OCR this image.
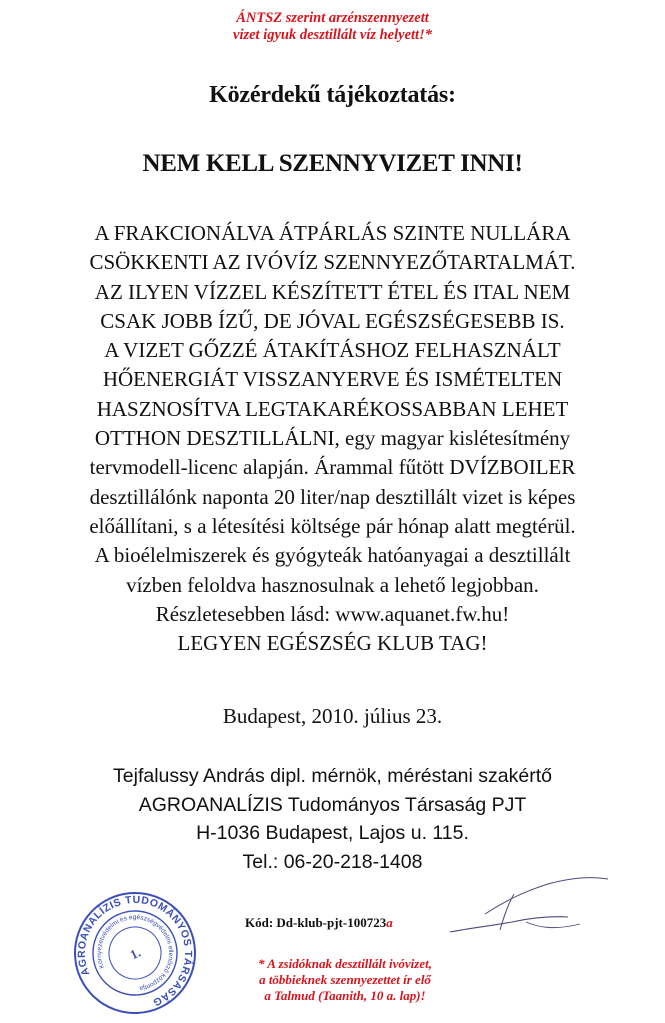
ÁNTSZ szerint arzénszennyezett
vizet igyuk desztillált víz helyett!*
Közérdekű tájékoztatás:
NEM KELL SZENNYVIZET INNI!
A FRAKCIONÁLVA ÁTPÁRLÁS SZINTE NULLÁRA
CSÖKKENTI AZ IVÓVÍZ SZENNYEZŐTARTALMÁT.
AZ ILYEN VÍZZEL KÉSZÍTETT ÉTEL ÉS ITAL NEM
CSAK JOBB ÍZŰ, DE JÓVAL EGÉSZSÉGESEBB IS.
A VIZET GŐZZÉ ÁTAKÍTÁSHOZ FELHASZNÁLT
HŐENERGIÁT VISSZANYERVE ÉS ISMÉTELTEN
HASZNOSÍTVA LEGTAKARÉKOSSABBAN LEHET
OTTHON DESZTILLÁLNI, egy magyar kislétesítmény
tervmodell-licenc alapján. Árammal fűtött DVÍZBOILER
desztillálónk naponta 20 liter/nap desztillált vizet is képes
előállítani, s a létesítési költsége pár hónap alatt megtérül.
A bioélelmiszerek és gyógyteák hatóanyagai a desztillált
vízben feloldva hasznosulnak a lehető legjobban.
Részletesebben lásd: www.aquanet.fw.hu!
LEGYEN EGÉSZSÉG KLUB TAG!
Budapest, 2010. július 23.
Tejfalussy András dipl. mérnök, méréstani szakértő
AGROANALÍZIS Tudományos Társaság PJT
H-1036 Budapest, Lajos u. 115.
Tel.: 06-20-218-1408
AGROANALÍZIS TUDOMÁNYOS TÁRSASÁG
Környezetvédelmi és egészségvédelmi ellenőrző központja
1.
Kód: Dd-klub-pjt-100723a
* A zsidóknak desztillált ivóvizet,
a többieknek szennyezettet ír elő
a Talmud (Taanith, 10 a. lap)!
